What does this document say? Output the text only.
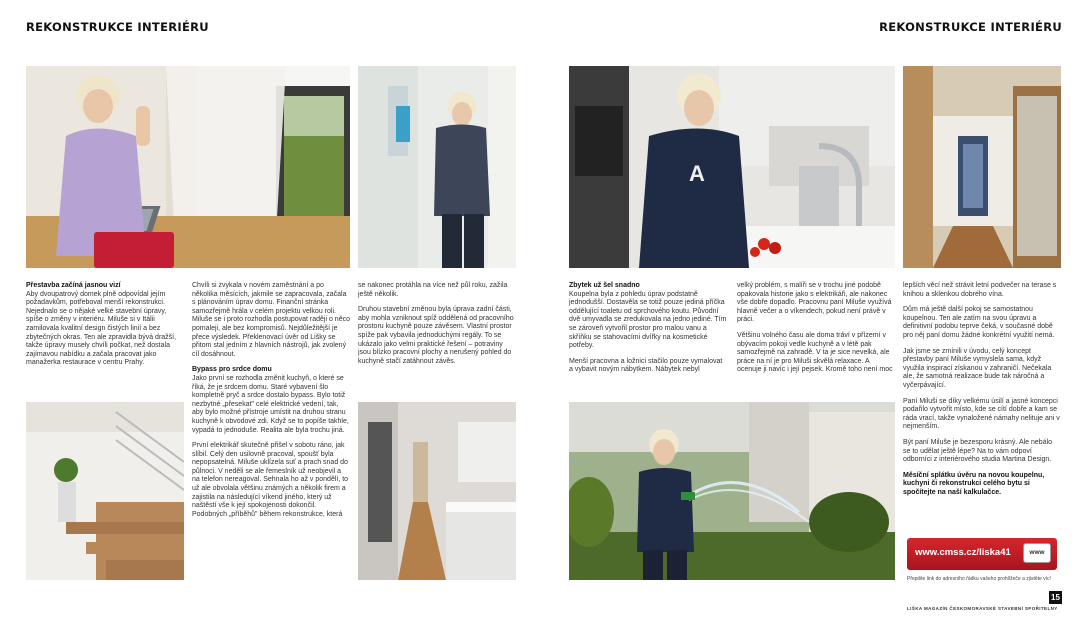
REKONSTRUKCE INTERIÉRU	REKONSTRUKCE INTERIÉRU
Přestavba začíná jasnou vizí

Aby dvoupatrový domek plně odpovídal jejím požadavkům, potřeboval menší rekonstrukci. Nejednalo se o nějaké velké stavební úpravy, spíše o změny v interiéru. Miluše si v Itálii zamilovala kvalitní design čistých linií a bez zbytečných okras. Ten ale zpravidla bývá dražší, takže úpravy musely chvíli počkat, než dostala zajímavou nabídku a začala pracovat jako manažerka restaurace v centru Prahy.

Chvíli si zvykala v novém zaměstnání a po několika měsících, jakmile se zapracovala, začala s plánováním úprav domu. Finanční stránka samozřejmě hrála v celém projektu velkou roli. Miluše se i proto rozhodla postupovat raději o něco pomaleji, ale bez kompromisů. Nejdůležitější je přece výsledek. Překlenovací úvěr od Lišky se přitom stal jedním z hlavních nástrojů, jak zvolený cíl dosáhnout.

Bypass pro srdce domu

Jako první se rozhodla změnit kuchyň, o které se říká, že je srdcem domu. Staré vybavení šlo kompletně pryč a srdce dostalo bypass. Bylo totiž nezbytné „přesekat" celé elektrické vedení, tak, aby bylo možné přístroje umístit na druhou stranu kuchyně k obvodové zdi. Když se to popíše takhle, vypadá to jednoduše. Realita ale byla trochu jiná.

První elektrikář skutečně přišel v sobotu ráno, jak slíbil. Celý den usilovně pracoval, spoušť byla nepopsatelná. Miluše uklízela suť a prach snad do půlnoci. V neděli se ale řemeslník už neobjevil a na telefon nereagoval. Sehnala ho až v pondělí, to už ale obvolala většinu známých a několik firem a zajistila na následující víkend jiného, který už naštěstí vše k její spokojenosti dokončil. Podobných „příběhů" během rekonstrukce, která

se nakonec protáhla na více než půl roku, zažila ještě několik.

Druhou stavební změnou byla úprava zadní části, aby mohla vzniknout spíž oddělená od pracovního prostoru kuchyně pouze závěsem. Vlastní prostor spíže pak vybavila jednoduchými regály. To se ukázalo jako velmi praktické řešení – potraviny jsou blízko pracovní plochy a nerušený pohled do kuchyně stačí zatáhnout závěs.

A
Zbytek už šel snadno

Koupelna byla z pohledu úprav podstatně jednodušší. Dostavěla se totiž pouze jediná příčka oddělující toaletu od sprchového koutu. Původní dvě umyvadla se zredukovala na jedno jediné. Tím se zároveň vytvořil prostor pro malou vanu a skříňku se stahovacími dvířky na kosmetické potřeby.

Menší pracovna a ložnici stačilo pouze vymalovat a vybavit novým nábytkem. Nábytek nebyl

velký problém, s malíři se v trochu jiné podobě opakovala historie jako s elektrikáři, ale nakonec vše dobře dopadlo. Pracovnu paní Miluše využívá hlavně večer a o víkendech, pokud není právě v práci.

Většinu volného času ale doma tráví v přízemí v obývacím pokoji vedle kuchyně a v létě pak samozřejmě na zahradě. V ta je sice nevelká, ale práce na ní je pro Miluši skvělá relaxace. A ocenuje ji navíc i její pejsek. Kromě toho není moc

lepších věcí než strávit letní podvečer na terase s knihou a sklenkou dobrého vína.

Dům má ještě další pokoj se samostatnou koupelnou. Ten ale zatím na svou úpravu a definitivní podobu teprve čeká, v současné době pro něj paní domu žádné konkrétní využití nemá.

Jak jsme se zmínili v úvodu, celý koncept přestavby paní Miluše vymyslela sama, když využila inspirací získanou v zahraničí. Nečekala ale, že samotná realizace bude tak náročná a vyčerpávající.

Paní Miluši se díky velkému úsilí a jasné koncepci podařilo vytvořit místo, kde se cítí dobře a kam se ráda vrací, takže vynaložené námahy nelituje ani v nejmenším.

Být paní Miluše je bezesporu krásný. Ale nebálo se to udělat ještě lépe? Na to vám odpoví odborníci z interiérového studia Martina Design.

Měsíční splátku úvěru na novou koupelnu, kuchyni či rekonstrukci celého bytu si spočítejte na naší kalkulačce.

www.cmss.cz/liska41	www
Přepište link do adresního řádku vašeho prohlížeče a zjistěte víc!
LIŠKA MAGAZÍN ČESKOMORAVSKÉ STAVEBNÍ SPOŘITELNY
15
